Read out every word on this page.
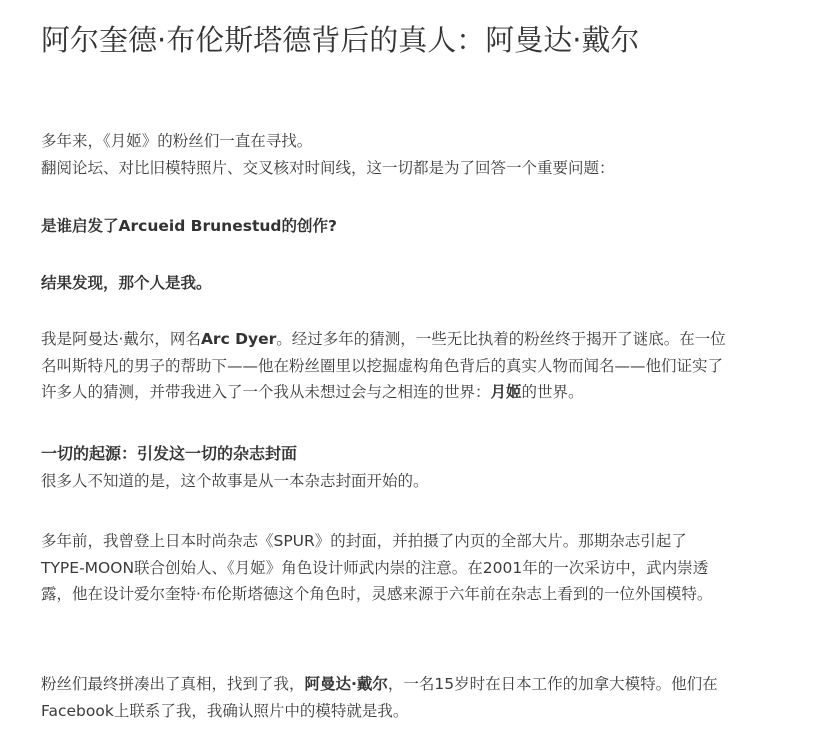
阿尔奎德·布伦斯塔德背后的真人：阿曼达·戴尔

多年来，《月姬》的粉丝们一直在寻找。
翻阅论坛、对比旧模特照片、交叉核对时间线，这一切都是为了回答一个重要问题：

是谁启发了Arcueid Brunestud的创作?

结果发现，那个人是我。

我是阿曼达·戴尔，网名Arc Dyer。经过多年的猜测，一些无比执着的粉丝终于揭开了谜底。在一位
名叫斯特凡的男子的帮助下——他在粉丝圈里以挖掘虚构角色背后的真实人物而闻名——他们证实了
许多人的猜测，并带我进入了一个我从未想过会与之相连的世界：月姬的世界。

一切的起源：引发这一切的杂志封面
很多人不知道的是，这个故事是从一本杂志封面开始的。

多年前，我曾登上日本时尚杂志《SPUR》的封面，并拍摄了内页的全部大片。那期杂志引起了
TYPE-MOON联合创始人、《月姬》角色设计师武内崇的注意。在2001年的一次采访中，武内崇透
露，他在设计爱尔奎特·布伦斯塔德这个角色时，灵感来源于六年前在杂志上看到的一位外国模特。

粉丝们最终拼凑出了真相，找到了我，阿曼达·戴尔，一名15岁时在日本工作的加拿大模特。他们在
Facebook上联系了我，我确认照片中的模特就是我。
